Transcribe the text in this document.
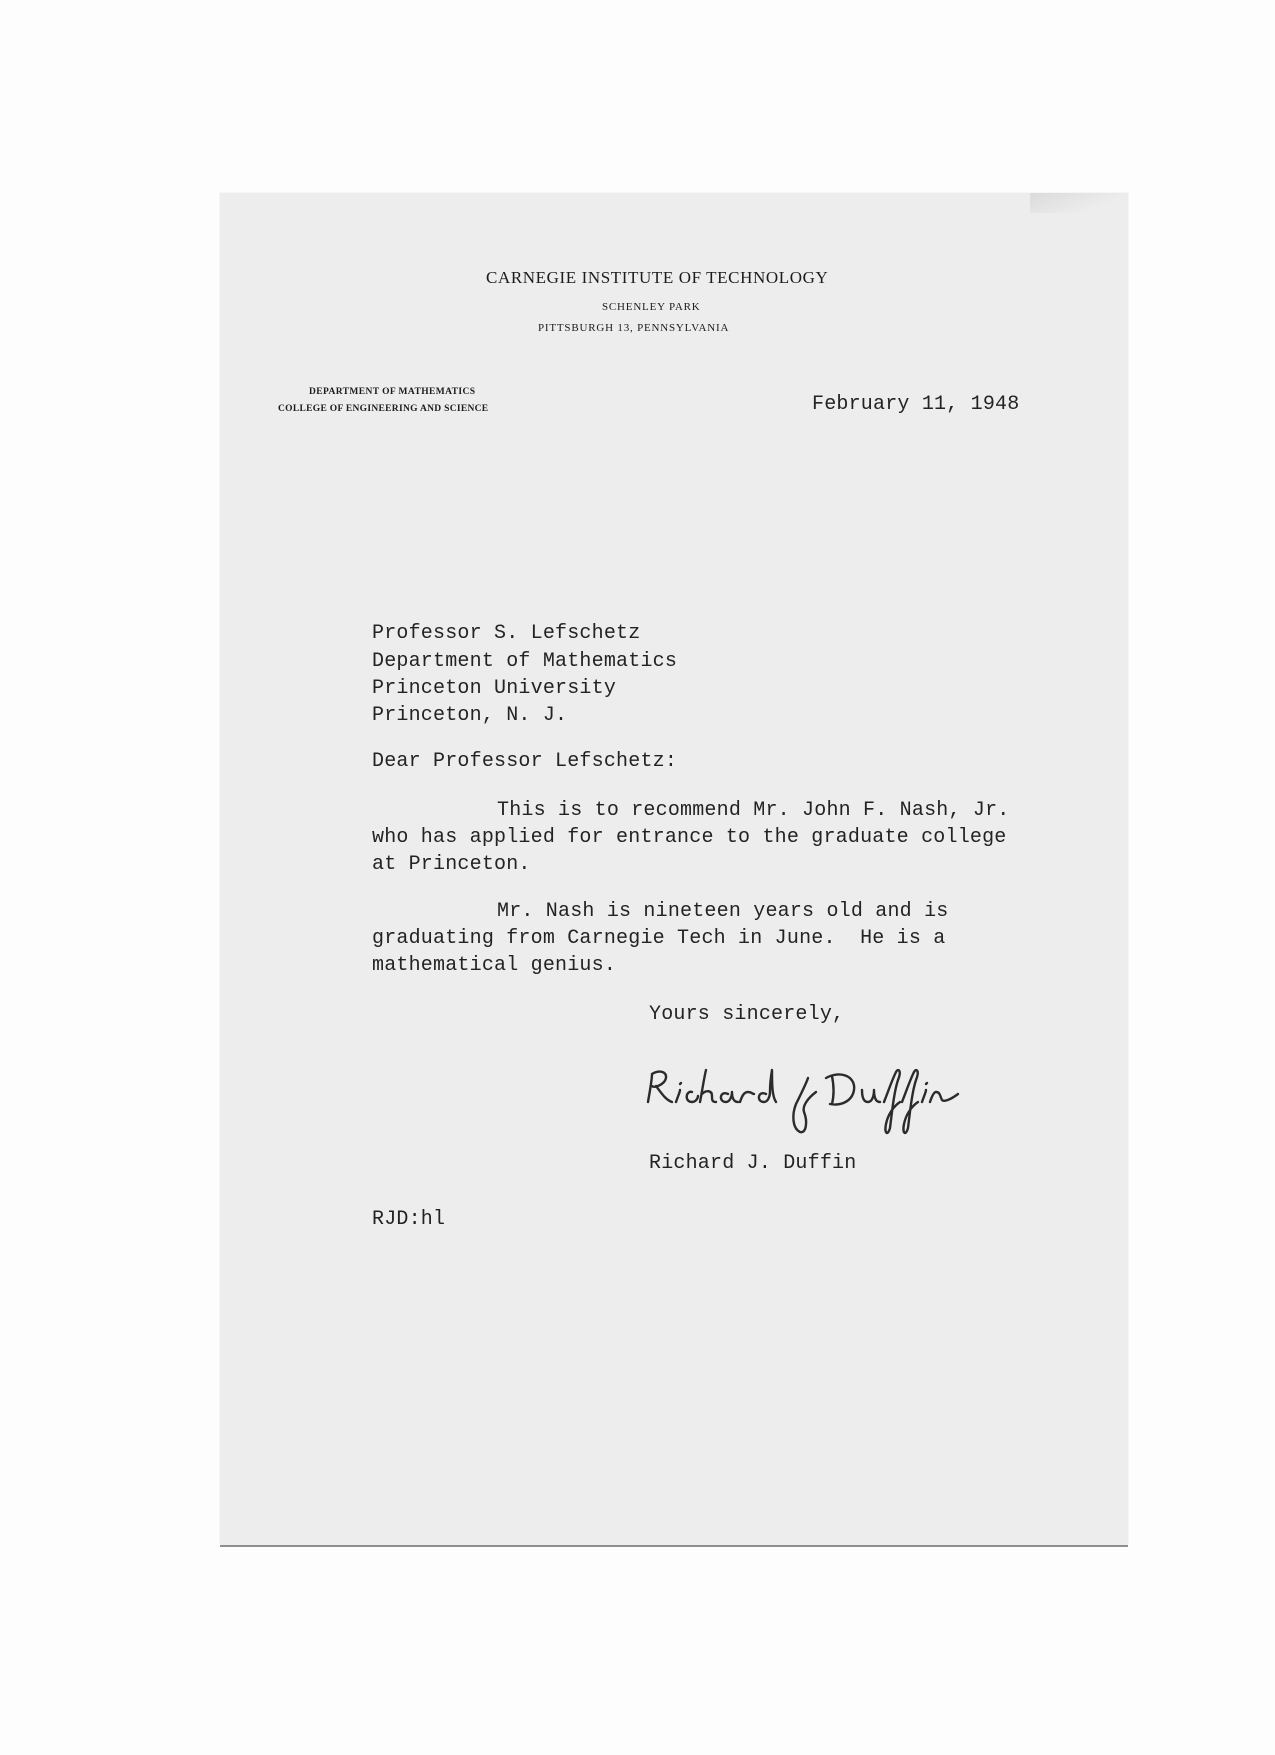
CARNEGIE INSTITUTE OF TECHNOLOGY
SCHENLEY PARK
PITTSBURGH 13, PENNSYLVANIA
DEPARTMENT OF MATHEMATICS
COLLEGE OF ENGINEERING AND SCIENCE	February 11, 1948
Professor S. Lefschetz
Department of Mathematics
Princeton University
Princeton, N. J.
Dear Professor Lefschetz:
This is to recommend Mr. John F. Nash, Jr.
who has applied for entrance to the graduate college
at Princeton.
Mr. Nash is nineteen years old and is
graduating from Carnegie Tech in June.  He is a
mathematical genius.
Yours sincerely,
Richard J. Duffin
RJD:hl
